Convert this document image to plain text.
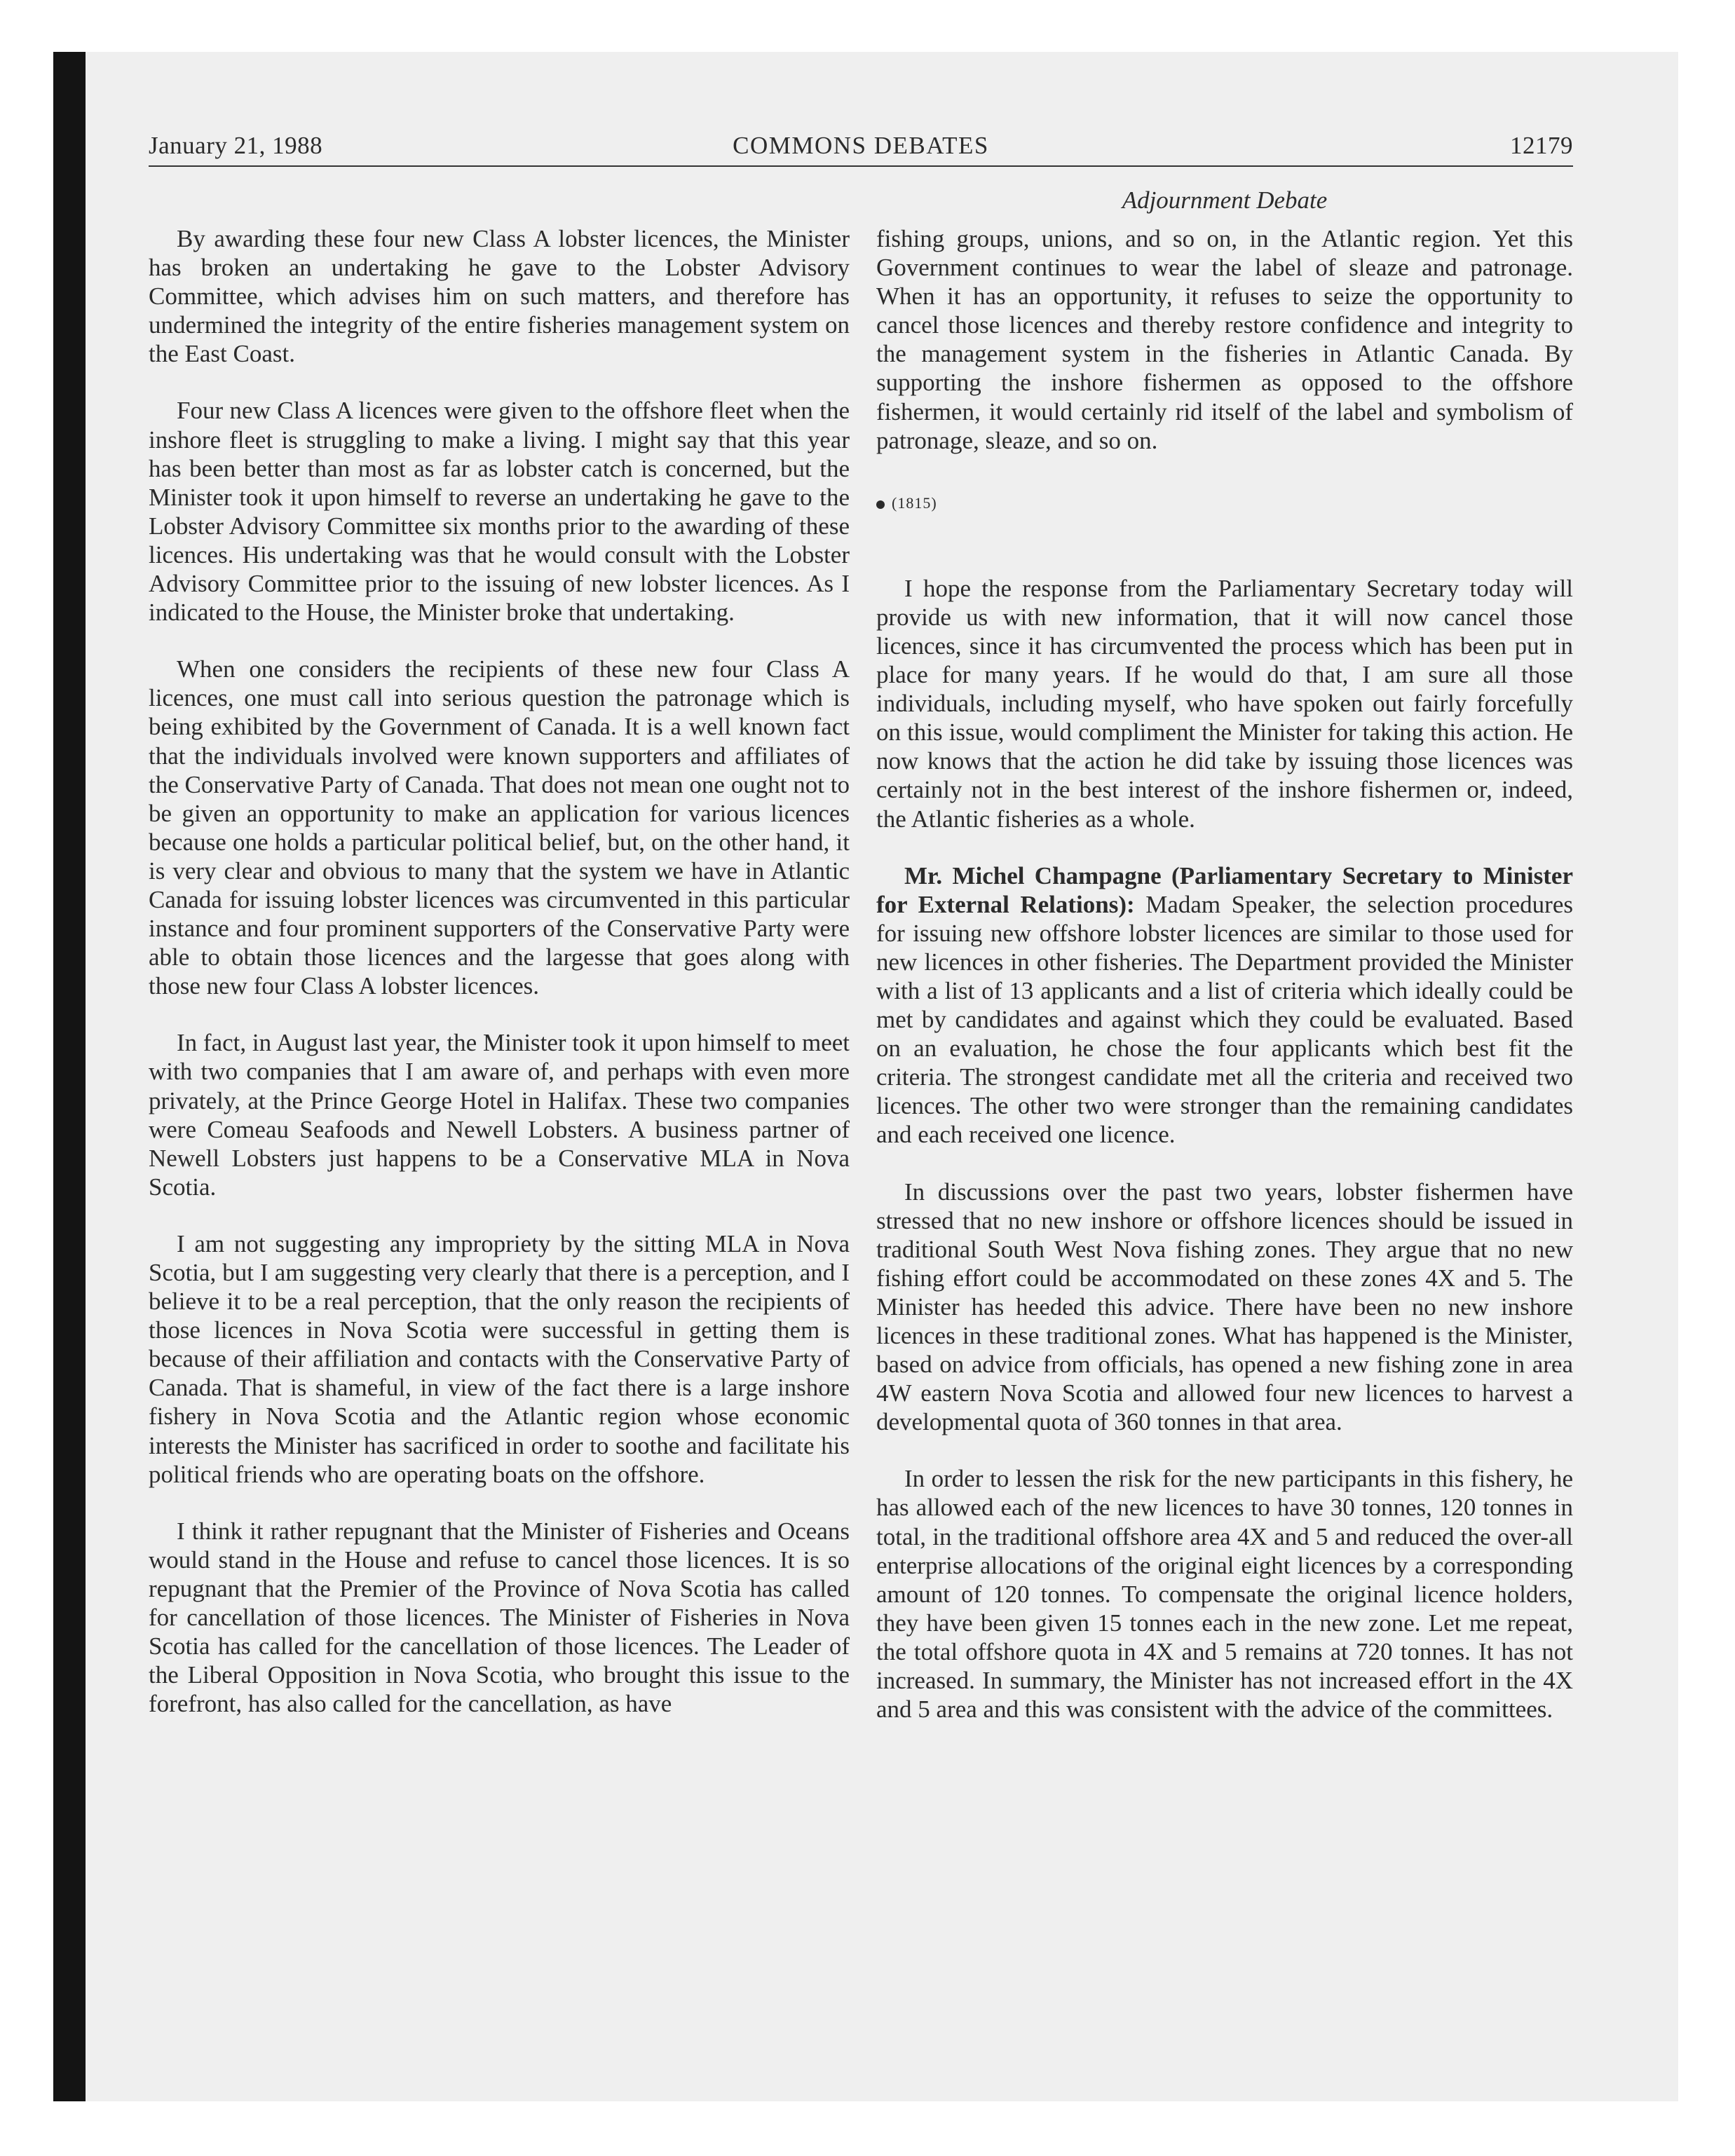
January 21, 1988	COMMONS DEBATES	12179
Adjournment Debate

By awarding these four new Class A lobster licences, the Minister has broken an undertaking he gave to the Lobster Advisory Committee, which advises him on such matters, and therefore has undermined the integrity of the entire fisheries management system on the East Coast.

Four new Class A licences were given to the offshore fleet when the inshore fleet is struggling to make a living. I might say that this year has been better than most as far as lobster catch is concerned, but the Minister took it upon himself to reverse an undertaking he gave to the Lobster Advisory Committee six months prior to the awarding of these licences. His undertaking was that he would consult with the Lobster Advisory Committee prior to the issuing of new lobster licences. As I indicated to the House, the Minister broke that undertaking.

When one considers the recipients of these new four Class A licences, one must call into serious question the patronage which is being exhibited by the Government of Canada. It is a well known fact that the individuals involved were known supporters and affiliates of the Conservative Party of Canada. That does not mean one ought not to be given an opportunity to make an application for various licences because one holds a particular political belief, but, on the other hand, it is very clear and obvious to many that the system we have in Atlantic Canada for issuing lobster licences was circumvented in this particular instance and four prominent supporters of the Conservative Party were able to obtain those licences and the largesse that goes along with those new four Class A lobster licences.

In fact, in August last year, the Minister took it upon himself to meet with two companies that I am aware of, and perhaps with even more privately, at the Prince George Hotel in Halifax. These two companies were Comeau Seafoods and Newell Lobsters. A business partner of Newell Lobsters just happens to be a Conservative MLA in Nova Scotia.

I am not suggesting any impropriety by the sitting MLA in Nova Scotia, but I am suggesting very clearly that there is a perception, and I believe it to be a real perception, that the only reason the recipients of those licences in Nova Scotia were successful in getting them is because of their affiliation and contacts with the Conservative Party of Canada. That is shameful, in view of the fact there is a large inshore fishery in Nova Scotia and the Atlantic region whose economic interests the Minister has sacrificed in order to soothe and facilitate his political friends who are operating boats on the offshore.

I think it rather repugnant that the Minister of Fisheries and Oceans would stand in the House and refuse to cancel those licences. It is so repugnant that the Premier of the Province of Nova Scotia has called for cancellation of those licences. The Minister of Fisheries in Nova Scotia has called for the cancellation of those licences. The Leader of the Liberal Opposition in Nova Scotia, who brought this issue to the forefront, has also called for the cancellation, as have

fishing groups, unions, and so on, in the Atlantic region. Yet this Government continues to wear the label of sleaze and patronage. When it has an opportunity, it refuses to seize the opportunity to cancel those licences and thereby restore confidence and integrity to the management system in the fisheries in Atlantic Canada. By supporting the inshore fishermen as opposed to the offshore fishermen, it would certainly rid itself of the label and symbolism of patronage, sleaze, and so on.

(1815)

I hope the response from the Parliamentary Secretary today will provide us with new information, that it will now cancel those licences, since it has circumvented the process which has been put in place for many years. If he would do that, I am sure all those individuals, including myself, who have spoken out fairly forcefully on this issue, would compliment the Minister for taking this action. He now knows that the action he did take by issuing those licences was certainly not in the best interest of the inshore fishermen or, indeed, the Atlantic fisheries as a whole.

Mr. Michel Champagne (Parliamentary Secretary to Minister for External Relations): Madam Speaker, the selection procedures for issuing new offshore lobster licences are similar to those used for new licences in other fisheries. The Department provided the Minister with a list of 13 applicants and a list of criteria which ideally could be met by candidates and against which they could be evaluated. Based on an evaluation, he chose the four applicants which best fit the criteria. The strongest candidate met all the criteria and received two licences. The other two were stronger than the remaining candidates and each received one licence.

In discussions over the past two years, lobster fishermen have stressed that no new inshore or offshore licences should be issued in traditional South West Nova fishing zones. They argue that no new fishing effort could be accommodated on these zones 4X and 5. The Minister has heeded this advice. There have been no new inshore licences in these traditional zones. What has happened is the Minister, based on advice from officials, has opened a new fishing zone in area 4W eastern Nova Scotia and allowed four new licences to harvest a developmental quota of 360 tonnes in that area.

In order to lessen the risk for the new participants in this fishery, he has allowed each of the new licences to have 30 tonnes, 120 tonnes in total, in the traditional offshore area 4X and 5 and reduced the over-all enterprise allocations of the original eight licences by a corresponding amount of 120 tonnes. To compensate the original licence holders, they have been given 15 tonnes each in the new zone. Let me repeat, the total offshore quota in 4X and 5 remains at 720 tonnes. It has not increased. In summary, the Minister has not increased effort in the 4X and 5 area and this was consistent with the advice of the committees.
